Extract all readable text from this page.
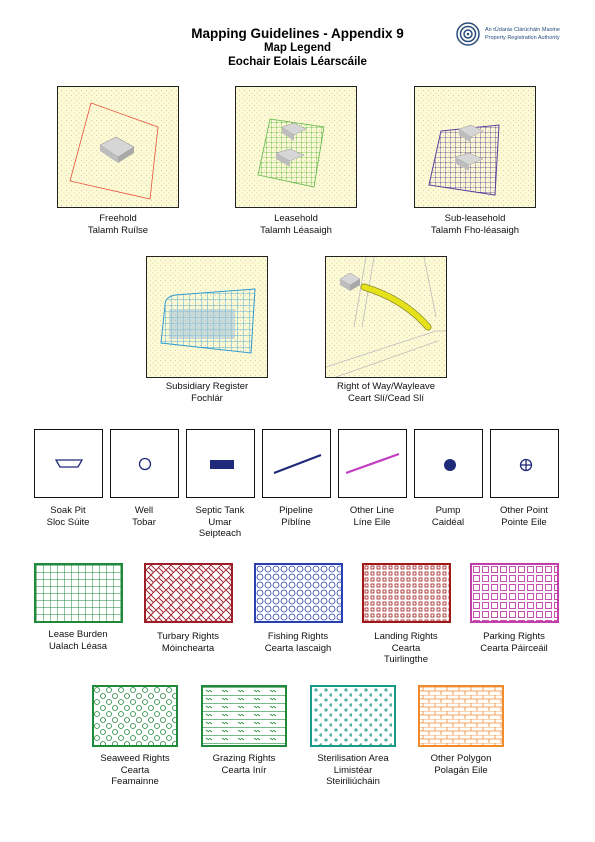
Mapping Guidelines - Appendix 9
Map Legend
Eochair Eolais Léarscáile
An tÚdarás Clárúcháin Maoine
Property Registration Authority
Freehold
Talamh Ruílse
Leasehold
Talamh Léasaigh
Sub-leasehold
Talamh Fho-léasaigh
Subsidiary Register
Fochlár
Right of Way/Wayleave
Ceart Slí/Cead Slí
Soak Pit
Sloc Súite
Well
Tobar
Septic Tank
Umar
Seipteach
Pipeline
Píblíne
Other Line
Líne Eile
Pump
Caidéal
Other Point
Pointe Eile
Lease Burden
Ualach Léasa
Turbary Rights
Móinchearta
Fishing Rights
Cearta Iascaigh
Landing Rights
Cearta
Tuirlingthe
Parking Rights
Cearta Páirceáil
Seaweed Rights
Cearta
Feamainne
Grazing Rights
Cearta Inír
Sterilisation Area
Limistéar
Steiriliúcháin
Other Polygon
Polagán Eile
